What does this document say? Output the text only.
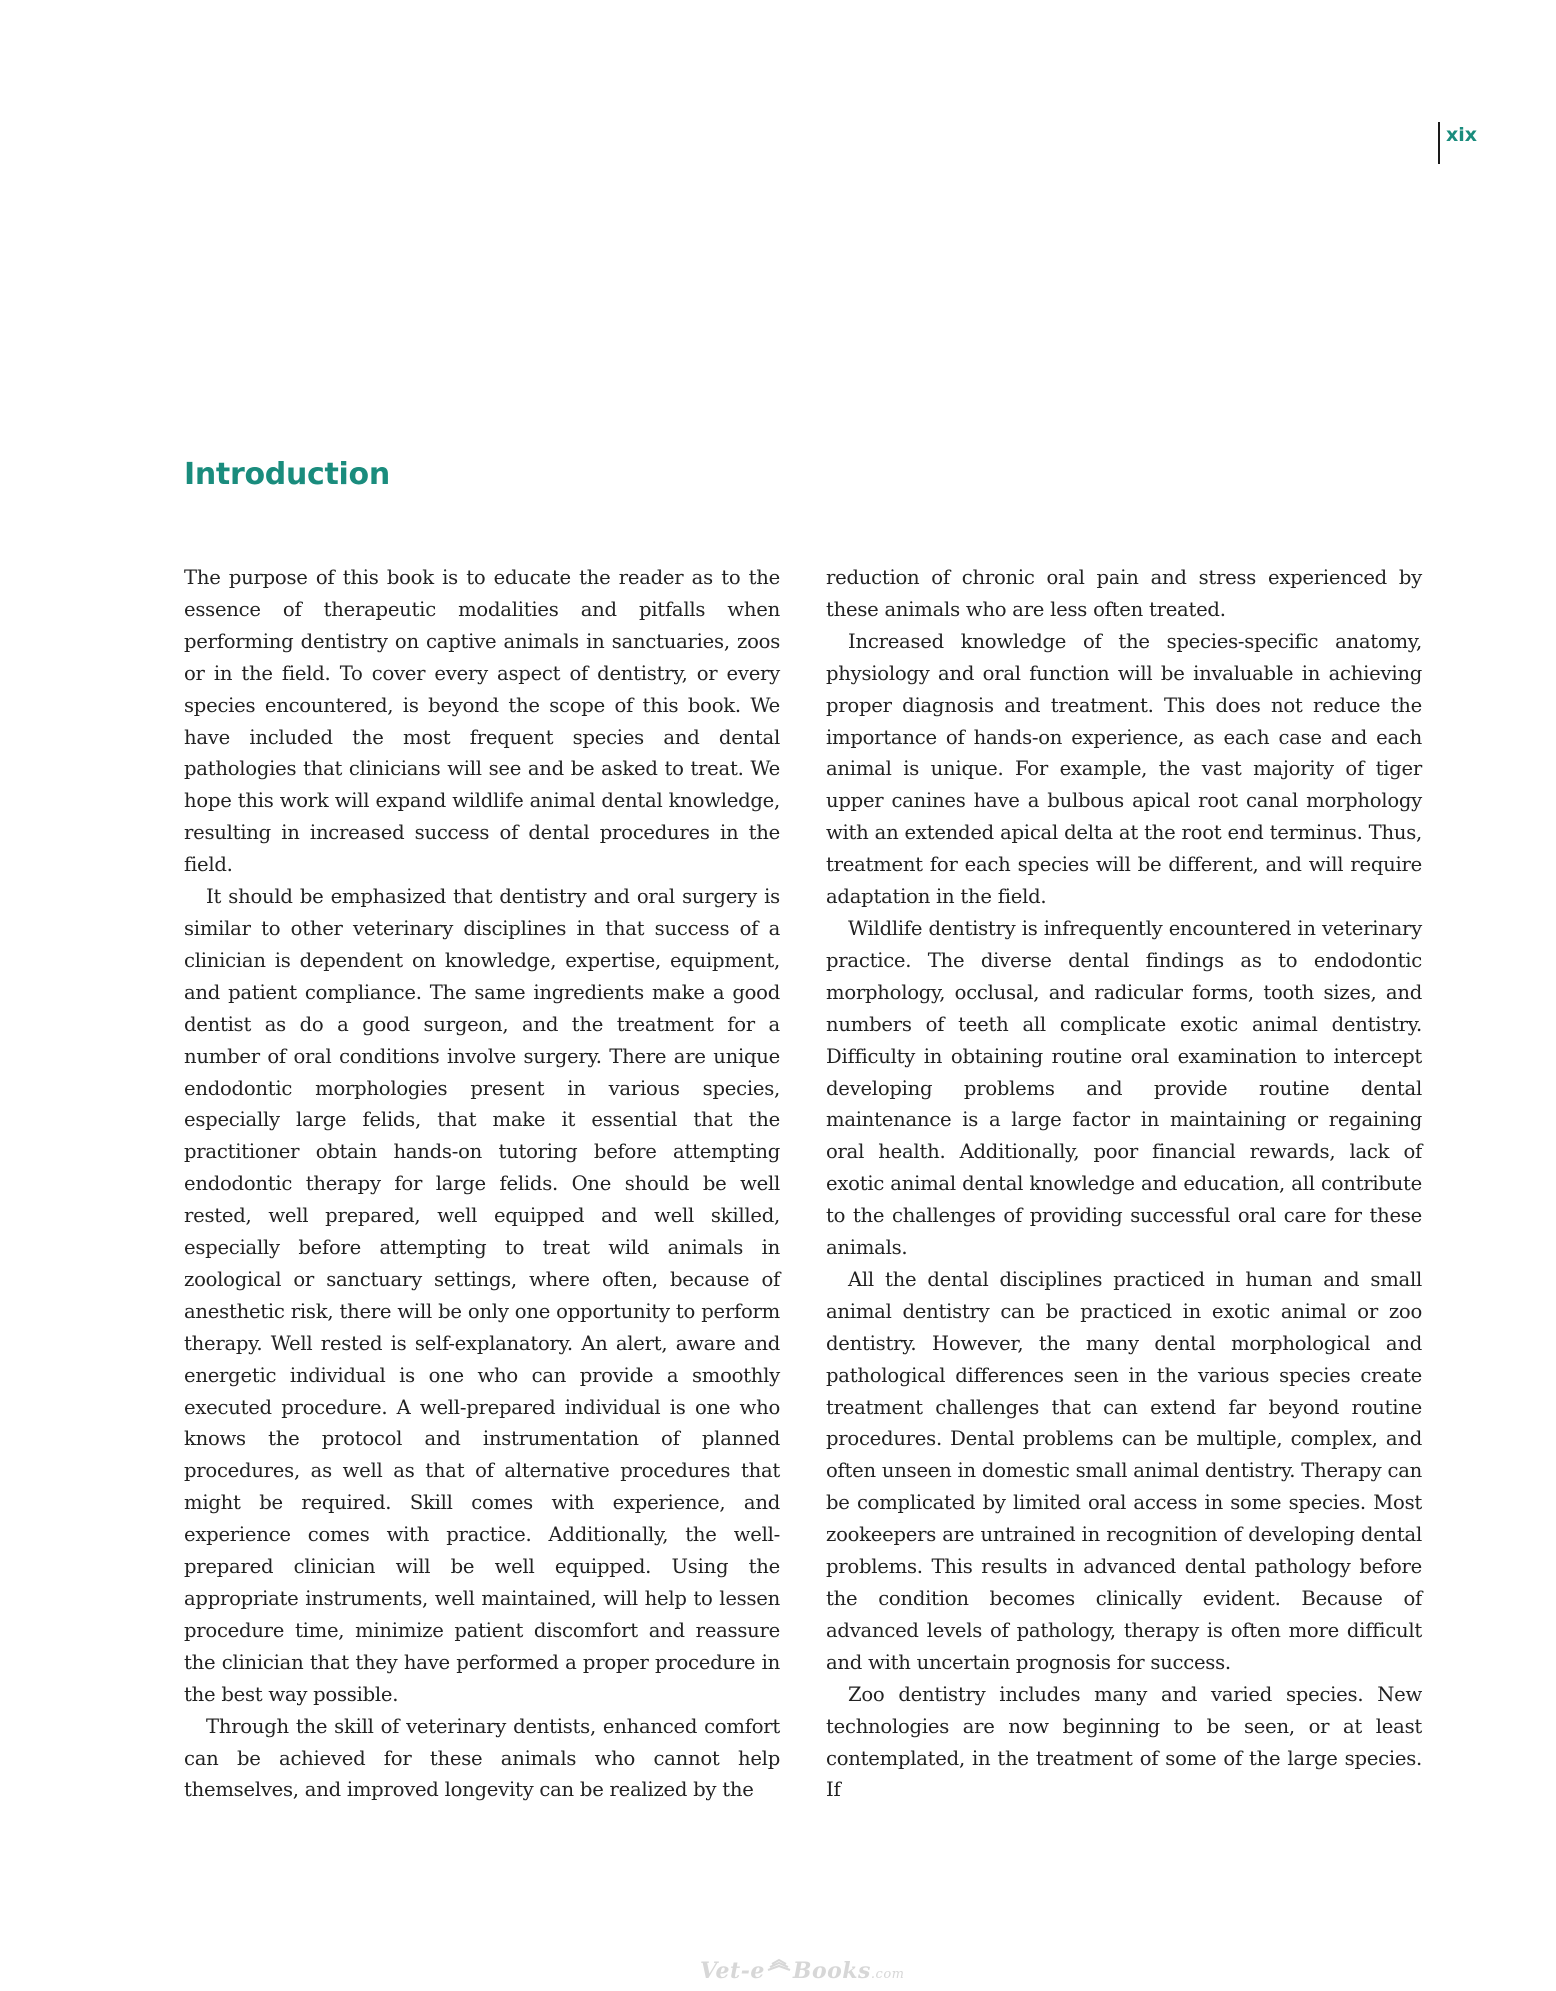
xix
Introduction

The purpose of this book is to educate the reader as to the essence of therapeutic modalities and pitfalls when performing dentistry on captive animals in sanctuaries, zoos or in the field. To cover every aspect of dentistry, or every species encountered, is beyond the scope of this book. We have included the most frequent species and dental pathologies that clinicians will see and be asked to treat. We hope this work will expand wildlife animal dental knowledge, resulting in increased success of dental procedures in the field.

It should be emphasized that dentistry and oral surgery is similar to other veterinary disciplines in that success of a clinician is dependent on knowledge, expertise, equipment, and patient compliance. The same ingredients make a good dentist as do a good surgeon, and the treatment for a number of oral conditions involve surgery. There are unique endodontic morphologies present in various species, especially large felids, that make it essential that the practitioner obtain hands-on tutoring before attempting endodontic therapy for large felids. One should be well rested, well prepared, well equipped and well skilled, especially before attempting to treat wild animals in zoological or sanctuary settings, where often, because of anesthetic risk, there will be only one opportunity to perform therapy. Well rested is self-explanatory. An alert, aware and energetic individual is one who can provide a smoothly executed procedure. A well-prepared individual is one who knows the protocol and instrumentation of planned procedures, as well as that of alternative procedures that might be required. Skill comes with experience, and experience comes with practice. Additionally, the well-prepared clinician will be well equipped. Using the appropriate instruments, well maintained, will help to lessen procedure time, minimize patient discomfort and reassure the clinician that they have performed a proper procedure in the best way possible.

Through the skill of veterinary dentists, enhanced comfort can be achieved for these animals who cannot help themselves, and improved longevity can be realized by the

reduction of chronic oral pain and stress experienced by these animals who are less often treated.

Increased knowledge of the species-specific anatomy, physiology and oral function will be invaluable in achieving proper diagnosis and treatment. This does not reduce the importance of hands-on experience, as each case and each animal is unique. For example, the vast majority of tiger upper canines have a bulbous apical root canal morphology with an extended apical delta at the root end terminus. Thus, treatment for each species will be different, and will require adaptation in the field.

Wildlife dentistry is infrequently encountered in veterinary practice. The diverse dental findings as to endodontic morphology, occlusal, and radicular forms, tooth sizes, and numbers of teeth all complicate exotic animal dentistry. Difficulty in obtaining routine oral examination to intercept developing problems and provide routine dental maintenance is a large factor in maintaining or regaining oral health. Additionally, poor financial rewards, lack of exotic animal dental knowledge and education, all contribute to the challenges of providing successful oral care for these animals.

All the dental disciplines practiced in human and small animal dentistry can be practiced in exotic animal or zoo dentistry. However, the many dental morphological and pathological differences seen in the various species create treatment challenges that can extend far beyond routine procedures. Dental problems can be multiple, complex, and often unseen in domestic small animal dentistry. Therapy can be complicated by limited oral access in some species. Most zookeepers are untrained in recognition of developing dental problems. This results in advanced dental pathology before the condition becomes clinically evident. Because of advanced levels of pathology, therapy is often more difficult and with uncertain prognosis for success.

Zoo dentistry includes many and varied species. New technologies are now beginning to be seen, or at least contemplated, in the treatment of some of the large species. If

Vet-e Books.com
